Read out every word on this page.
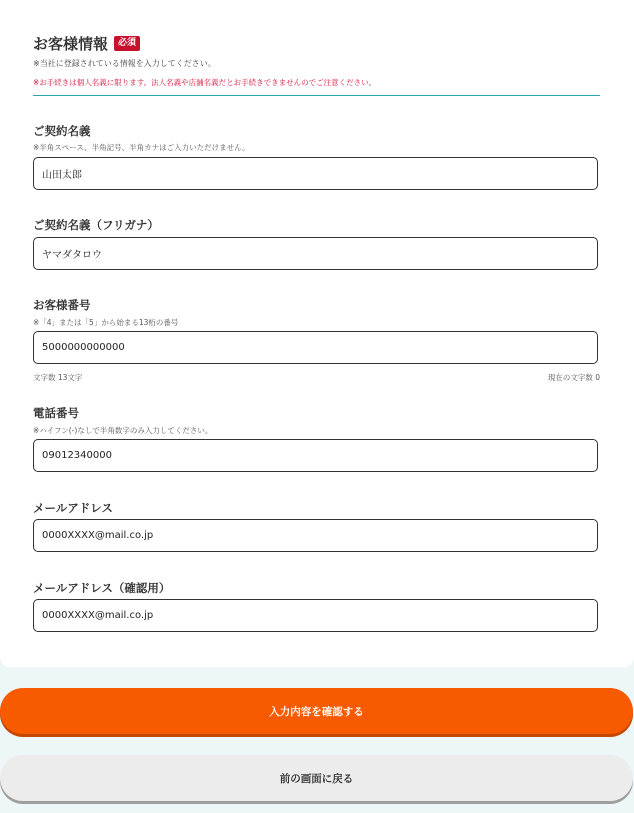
お客様情報	必須
※当社に登録されている情報を入力してください。
※お手続きは個人名義に限ります。法人名義や店舗名義だとお手続きできませんのでご注意ください。
ご契約名義
※半角スペース、半角記号、半角カナはご入力いただけません。
山田太郎
ご契約名義（フリガナ）
ヤマダタロウ
お客様番号
※「4」または「5」から始まる13桁の番号
5000000000000
文字数 13文字	現在の文字数 0
電話番号
※ハイフン(-)なしで半角数字のみ入力してください。
09012340000
メールアドレス
0000XXXX@mail.co.jp
メールアドレス（確認用）
0000XXXX@mail.co.jp
入力内容を確認する
前の画面に戻る
